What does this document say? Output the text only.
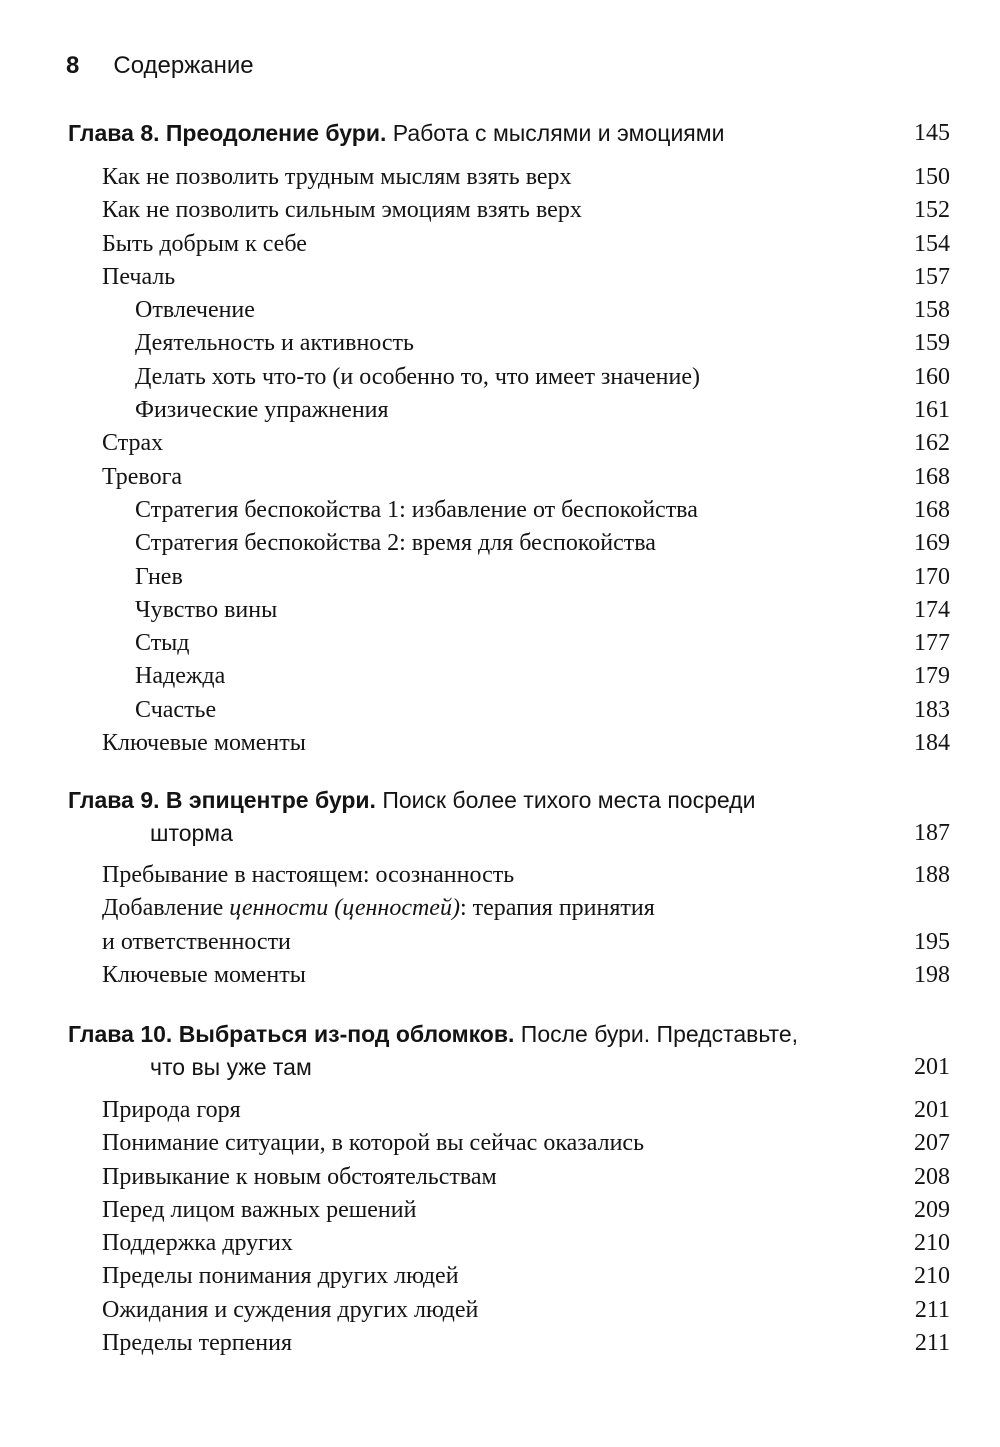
8 Содержание
Глава 8. Преодоление бури. Работа с мыслями и эмоциями	145
Как не позволить трудным мыслям взять верх	150
Как не позволить сильным эмоциям взять верх	152
Быть добрым к себе	154
Печаль	157
Отвлечение	158
Деятельность и активность	159
Делать хоть что-то (и особенно то, что имеет значение)	160
Физические упражнения	161
Страх	162
Тревога	168
Стратегия беспокойства 1: избавление от беспокойства	168
Стратегия беспокойства 2: время для беспокойства	169
Гнев	170
Чувство вины	174
Стыд	177
Надежда	179
Счастье	183
Ключевые моменты	184
Глава 9. В эпицентре бури. Поиск более тихого места посреди
шторма	187
Пребывание в настоящем: осознанность	188
Добавление ценности (ценностей): терапия принятия
и ответственности	195
Ключевые моменты	198
Глава 10. Выбраться из-под обломков. После бури. Представьте,
что вы уже там	201
Природа горя	201
Понимание ситуации, в которой вы сейчас оказались	207
Привыкание к новым обстоятельствам	208
Перед лицом важных решений	209
Поддержка других	210
Пределы понимания других людей	210
Ожидания и суждения других людей	211
Пределы терпения	211
